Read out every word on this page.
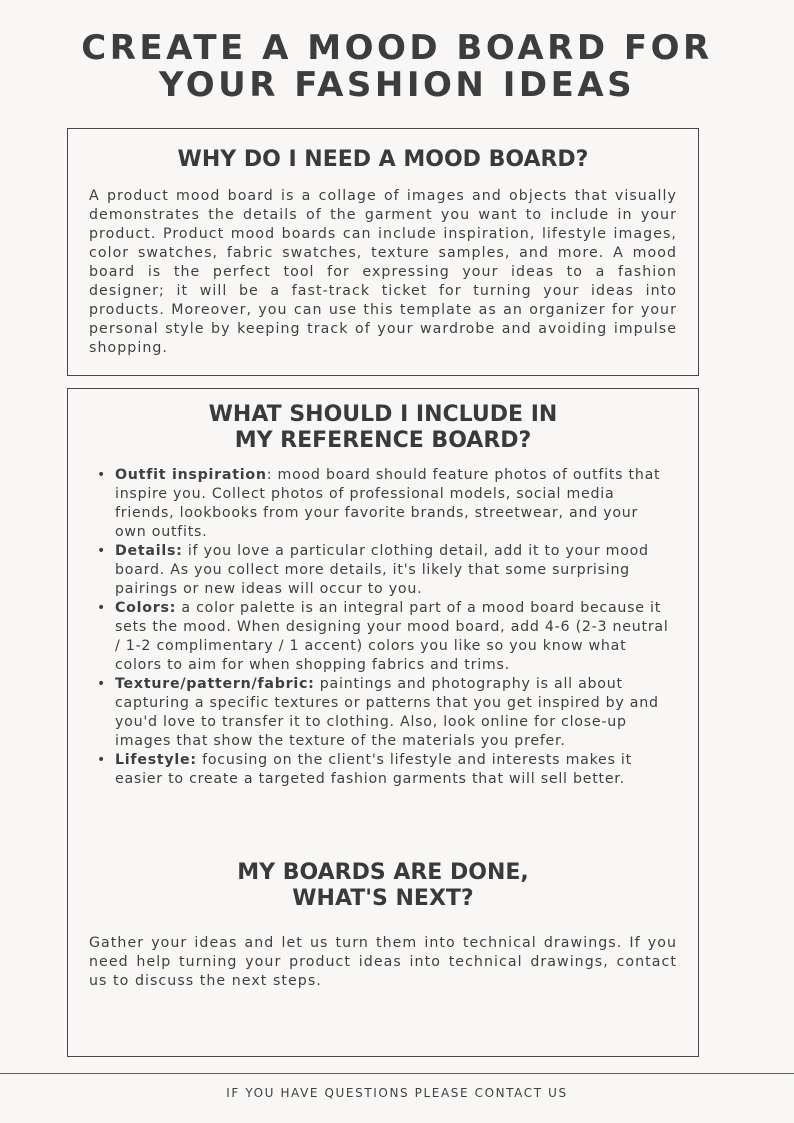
CREATE A MOOD BOARD FOR
YOUR FASHION IDEAS
WHY DO I NEED A MOOD BOARD?

A product mood board is a collage of images and objects that visually demonstrates the details of the garment you want to include in your product. Product mood boards can include inspiration, lifestyle images, color swatches, fabric swatches, texture samples, and more. A mood board is the perfect tool for expressing your ideas to a fashion designer; it will be a fast-track ticket for turning your ideas into products. Moreover, you can use this template as an organizer for your personal style by keeping track of your wardrobe and avoiding impulse shopping.

WHAT SHOULD I INCLUDE IN
MY REFERENCE BOARD?
• Outfit inspiration: mood board should feature photos of outfits that inspire you. Collect photos of professional models, social media friends, lookbooks from your favorite brands, streetwear, and your own outfits.
• Details: if you love a particular clothing detail, add it to your mood board. As you collect more details, it's likely that some surprising pairings or new ideas will occur to you.
• Colors: a color palette is an integral part of a mood board because it sets the mood. When designing your mood board, add 4-6 (2-3 neutral / 1-2 complimentary / 1 accent) colors you like so you know what colors to aim for when shopping fabrics and trims.
• Texture/pattern/fabric: paintings and photography is all about capturing a specific textures or patterns that you get inspired by and you'd love to transfer it to clothing. Also, look online for close-up images that show the texture of the materials you prefer.
• Lifestyle: focusing on the client's lifestyle and interests makes it easier to create a targeted fashion garments that will sell better.
MY BOARDS ARE DONE,
WHAT'S NEXT?

Gather your ideas and let us turn them into technical drawings. If you need help turning your product ideas into technical drawings, contact us to discuss the next steps.

IF YOU HAVE QUESTIONS PLEASE CONTACT US
